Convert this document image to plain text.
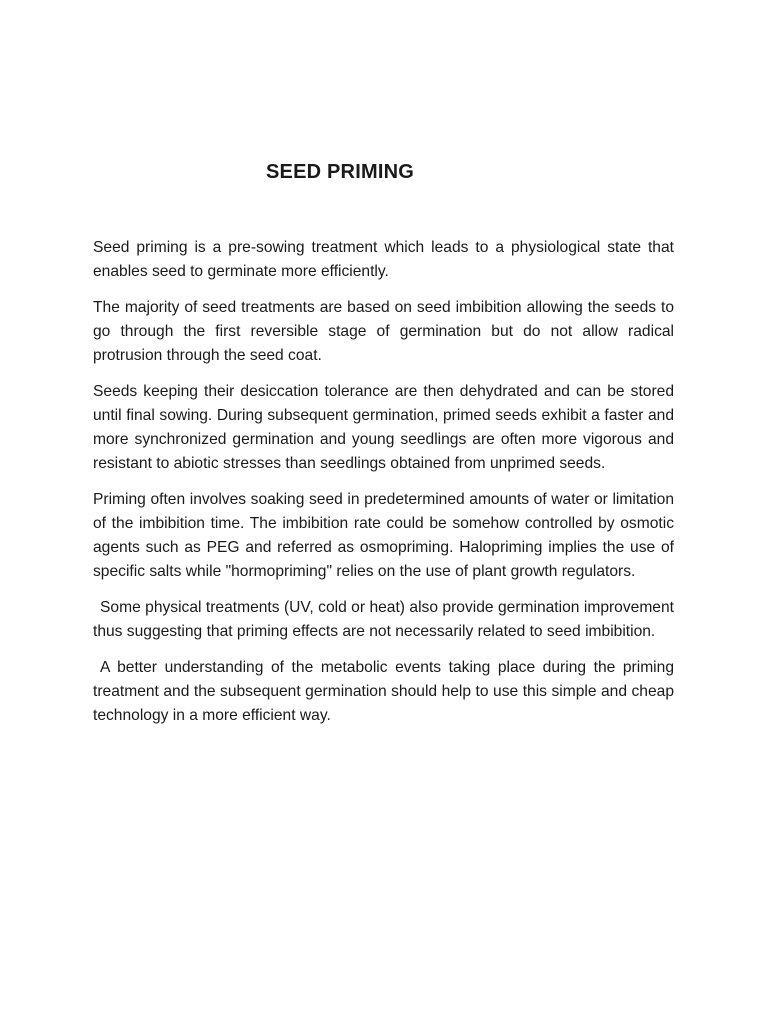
SEED PRIMING

Seed priming is a pre-sowing treatment which leads to a physiological state that enables seed to germinate more efficiently.

The majority of seed treatments are based on seed imbibition allowing the seeds to go through the first reversible stage of germination but do not allow radical protrusion through the seed coat.

Seeds keeping their desiccation tolerance are then dehydrated and can be stored until final sowing. During subsequent germination, primed seeds exhibit a faster and more synchronized germination and young seedlings are often more vigorous and resistant to abiotic stresses than seedlings obtained from unprimed seeds.

Priming often involves soaking seed in predetermined amounts of water or limitation of the imbibition time. The imbibition rate could be somehow controlled by osmotic agents such as PEG and referred as osmopriming. Halopriming implies the use of specific salts while "hormopriming" relies on the use of plant growth regulators.

Some physical treatments (UV, cold or heat) also provide germination improvement thus suggesting that priming effects are not necessarily related to seed imbibition.

A better understanding of the metabolic events taking place during the priming treatment and the subsequent germination should help to use this simple and cheap technology in a more efficient way.
